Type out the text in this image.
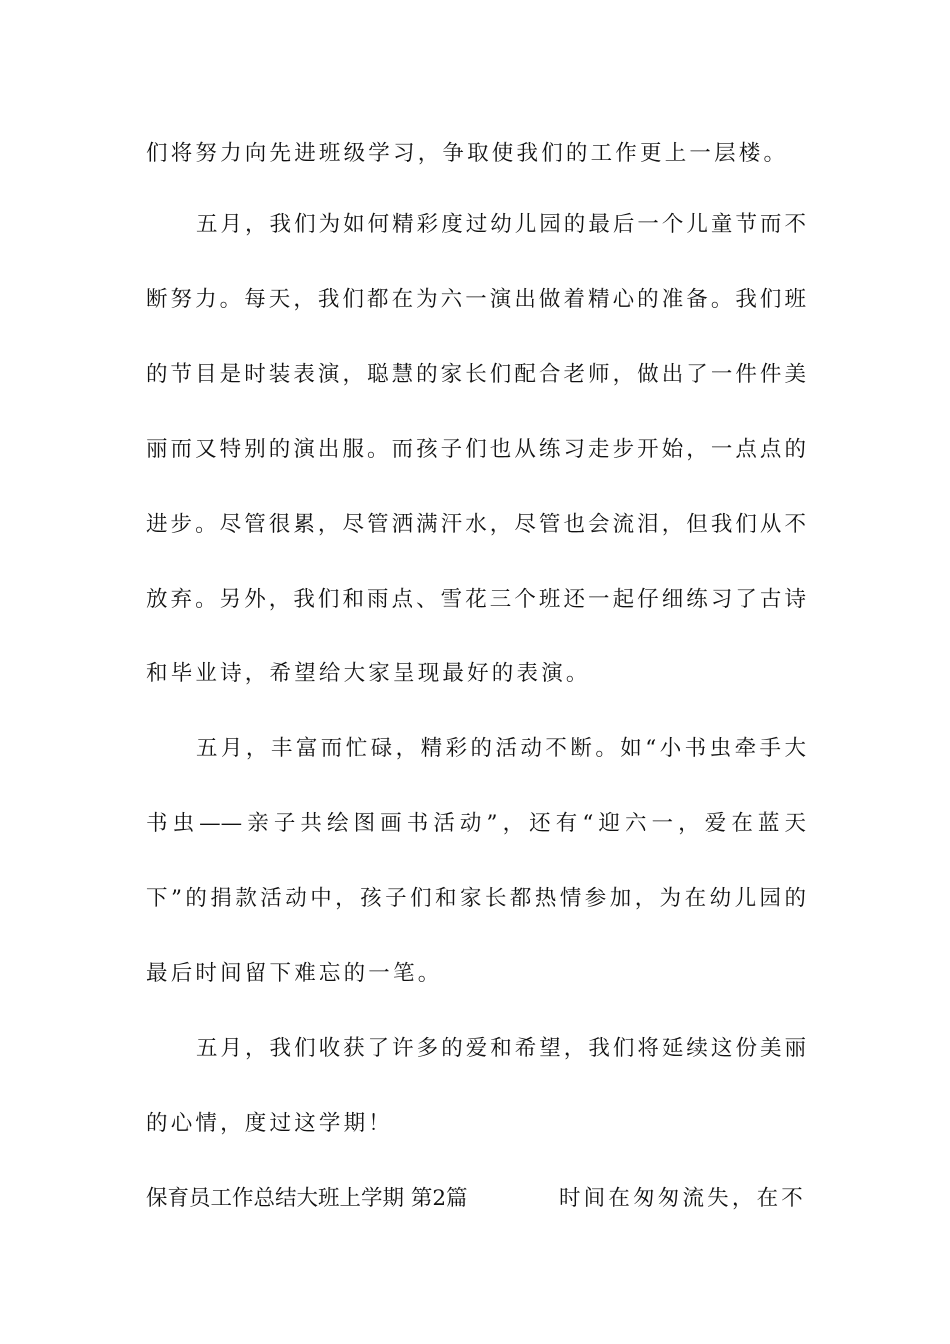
们将努力向先进班级学习，争取使我们的工作更上一层楼。
五月，我们为如何精彩度过幼儿园的最后一个儿童节而不
断努力。每天，我们都在为六一演出做着精心的准备。我们班
的节目是时装表演，聪慧的家长们配合老师，做出了一件件美
丽而又特别的演出服。而孩子们也从练习走步开始，一点点的
进步。尽管很累，尽管洒满汗水，尽管也会流泪，但我们从不
放弃。另外，我们和雨点、雪花三个班还一起仔细练习了古诗
和毕业诗，希望给大家呈现最好的表演。
五月，丰富而忙碌，精彩的活动不断。如“小书虫牵手大
书虫——亲子共绘图画书活动”，还有“迎六一，爱在蓝天
下”的捐款活动中，孩子们和家长都热情参加，为在幼儿园的
最后时间留下难忘的一笔。
五月，我们收获了许多的爱和希望，我们将延续这份美丽
的心情，度过这学期！
保育员工作总结大班上学期 第2篇	时间在匆匆流失，在不
